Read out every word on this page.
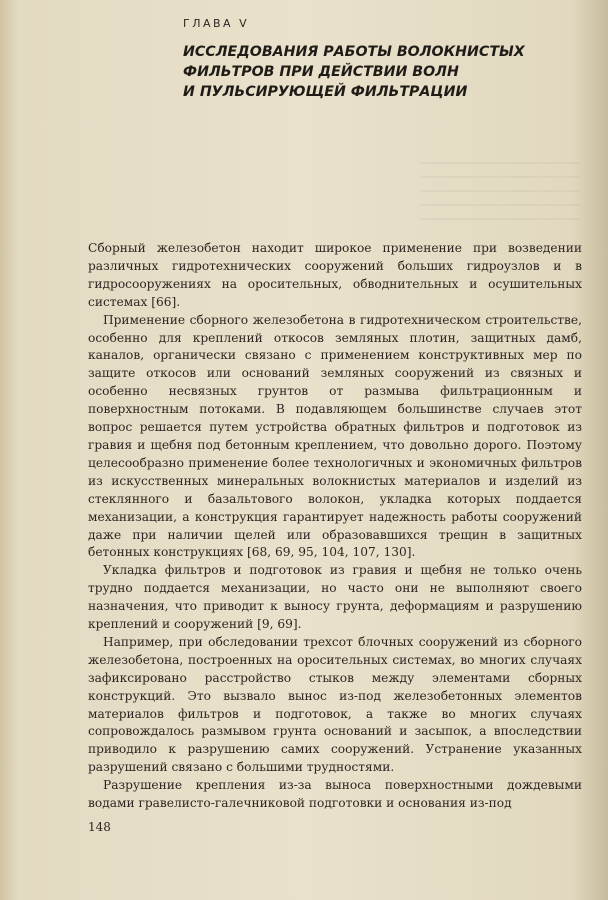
ГЛАВА V
ИССЛЕДОВАНИЯ РАБОТЫ ВОЛОКНИСТЫХ
ФИЛЬТРОВ ПРИ ДЕЙСТВИИ ВОЛН
И ПУЛЬСИРУЮЩЕЙ ФИЛЬТРАЦИИ

Сборный железобетон находит широкое применение при возведении различных гидротехнических сооружений больших гидроузлов и в гидросооружениях на оросительных, обводнительных и осушительных системах [66].

Применение сборного железобетона в гидротехническом строительстве, особенно для креплений откосов земляных плотин, защитных дамб, каналов, органически связано с применением конструктивных мер по защите откосов или оснований земляных сооружений из связных и особенно несвязных грунтов от размыва фильтрационным и поверхностным потоками. В подавляющем большинстве случаев этот вопрос решается путем устройства обратных фильтров и подготовок из гравия и щебня под бетонным креплением, что довольно дорого. Поэтому целесообразно применение более технологичных и экономичных фильтров из искусственных минеральных волокнистых материалов и изделий из стеклянного и базальтового волокон, укладка которых поддается механизации, а конструкция гарантирует надежность работы сооружений даже при наличии щелей или образовавшихся трещин в защитных бетонных конструкциях [68, 69, 95, 104, 107, 130].

Укладка фильтров и подготовок из гравия и щебня не только очень трудно поддается механизации, но часто они не выполняют своего назначения, что приводит к выносу грунта, деформациям и разрушению креплений и сооружений [9, 69].

Например, при обследовании трехсот блочных сооружений из сборного железобетона, построенных на оросительных системах, во многих случаях зафиксировано расстройство стыков между элементами сборных конструкций. Это вызвало вынос из-под железобетонных элементов материалов фильтров и подготовок, а также во многих случаях сопровождалось размывом грунта оснований и засыпок, а впоследствии приводило к разрушению самих сооружений. Устранение указанных разрушений связано с большими трудностями.

Разрушение крепления из-за выноса поверхностными дождевыми водами гравелисто-галечниковой подготовки и основания из-под

148
